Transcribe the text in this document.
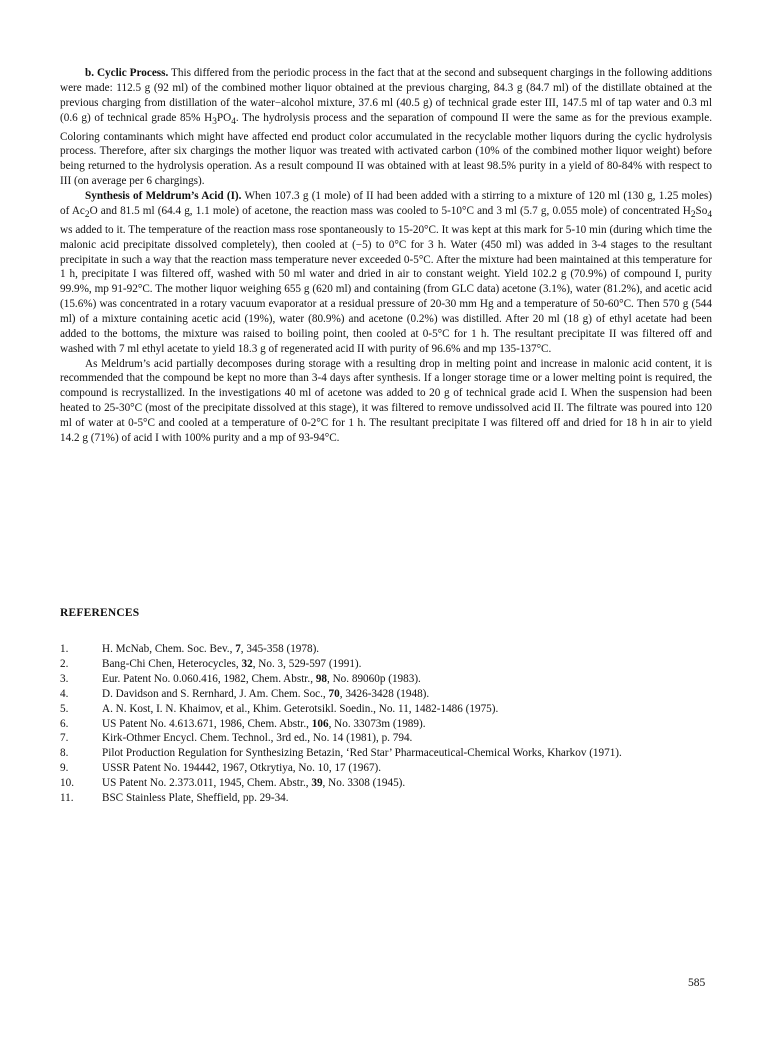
b. Cyclic Process. This differed from the periodic process in the fact that at the second and subsequent chargings in the following additions were made: 112.5 g (92 ml) of the combined mother liquor obtained at the previous charging, 84.3 g (84.7 ml) of the distillate obtained at the previous charging from distillation of the water−alcohol mixture, 37.6 ml (40.5 g) of technical grade ester III, 147.5 ml of tap water and 0.3 ml (0.6 g) of technical grade 85% $H_3PO_4$. The hydrolysis process and the separation of compound II were the same as for the previous example. Coloring contaminants which might have affected end product color accumulated in the recyclable mother liquors during the cyclic hydrolysis process. Therefore, after six chargings the mother liquor was treated with activated carbon (10% of the combined mother liquor weight) before being returned to the hydrolysis operation. As a result compound II was obtained with at least 98.5% purity in a yield of 80-84% with respect to III (on average per 6 chargings).

Synthesis of Meldrum’s Acid (I). When 107.3 g (1 mole) of II had been added with a stirring to a mixture of 120 ml (130 g, 1.25 moles) of $Ac_2O$ and 81.5 ml (64.4 g, 1.1 mole) of acetone, the reaction mass was cooled to 5-10°C and 3 ml (5.7 g, 0.055 mole) of concentrated $H_2So_4$ ws added to it. The temperature of the reaction mass rose spontaneously to 15-20°C. It was kept at this mark for 5-10 min (during which time the malonic acid precipitate dissolved completely), then cooled at (−5) to 0°C for 3 h. Water (450 ml) was added in 3-4 stages to the resultant precipitate in such a way that the reaction mass temperature never exceeded 0-5°C. After the mixture had been maintained at this temperature for 1 h, precipitate I was filtered off, washed with 50 ml water and dried in air to constant weight. Yield 102.2 g (70.9%) of compound I, purity 99.9%, mp 91-92°C. The mother liquor weighing 655 g (620 ml) and containing (from GLC data) acetone (3.1%), water (81.2%), and acetic acid (15.6%) was concentrated in a rotary vacuum evaporator at a residual pressure of 20-30 mm Hg and a temperature of 50-60°C. Then 570 g (544 ml) of a mixture containing acetic acid (19%), water (80.9%) and acetone (0.2%) was distilled. After 20 ml (18 g) of ethyl acetate had been added to the bottoms, the mixture was raised to boiling point, then cooled at 0-5°C for 1 h. The resultant precipitate II was filtered off and washed with 7 ml ethyl acetate to yield 18.3 g of regenerated acid II with purity of 96.6% and mp 135-137°C.

As Meldrum’s acid partially decomposes during storage with a resulting drop in melting point and increase in malonic acid content, it is recommended that the compound be kept no more than 3-4 days after synthesis. If a longer storage time or a lower melting point is required, the compound is recrystallized. In the investigations 40 ml of acetone was added to 20 g of technical grade acid I. When the suspension had been heated to 25-30°C (most of the precipitate dissolved at this stage), it was filtered to remove undissolved acid II. The filtrate was poured into 120 ml of water at 0-5°C and cooled at a temperature of 0-2°C for 1 h. The resultant precipitate I was filtered off and dried for 18 h in air to yield 14.2 g (71%) of acid I with 100% purity and a mp of 93-94°C.

REFERENCES
1.	H. McNab, Chem. Soc. Bev., 7, 345-358 (1978).
2.	Bang-Chi Chen, Heterocycles, 32, No. 3, 529-597 (1991).
3.	Eur. Patent No. 0.060.416, 1982, Chem. Abstr., 98, No. 89060p (1983).
4.	D. Davidson and S. Rernhard, J. Am. Chem. Soc., 70, 3426-3428 (1948).
5.	A. N. Kost, I. N. Khaimov, et al., Khim. Geterotsikl. Soedin., No. 11, 1482-1486 (1975).
6.	US Patent No. 4.613.671, 1986, Chem. Abstr., 106, No. 33073m (1989).
7.	Kirk-Othmer Encycl. Chem. Technol., 3rd ed., No. 14 (1981), p. 794.
8.	Pilot Production Regulation for Synthesizing Betazin, ‘Red Star’ Pharmaceutical-Chemical Works, Kharkov (1971).
9.	USSR Patent No. 194442, 1967, Otkrytiya, No. 10, 17 (1967).
10.	US Patent No. 2.373.011, 1945, Chem. Abstr., 39, No. 3308 (1945).
11.	BSC Stainless Plate, Sheffield, pp. 29-34.
585
